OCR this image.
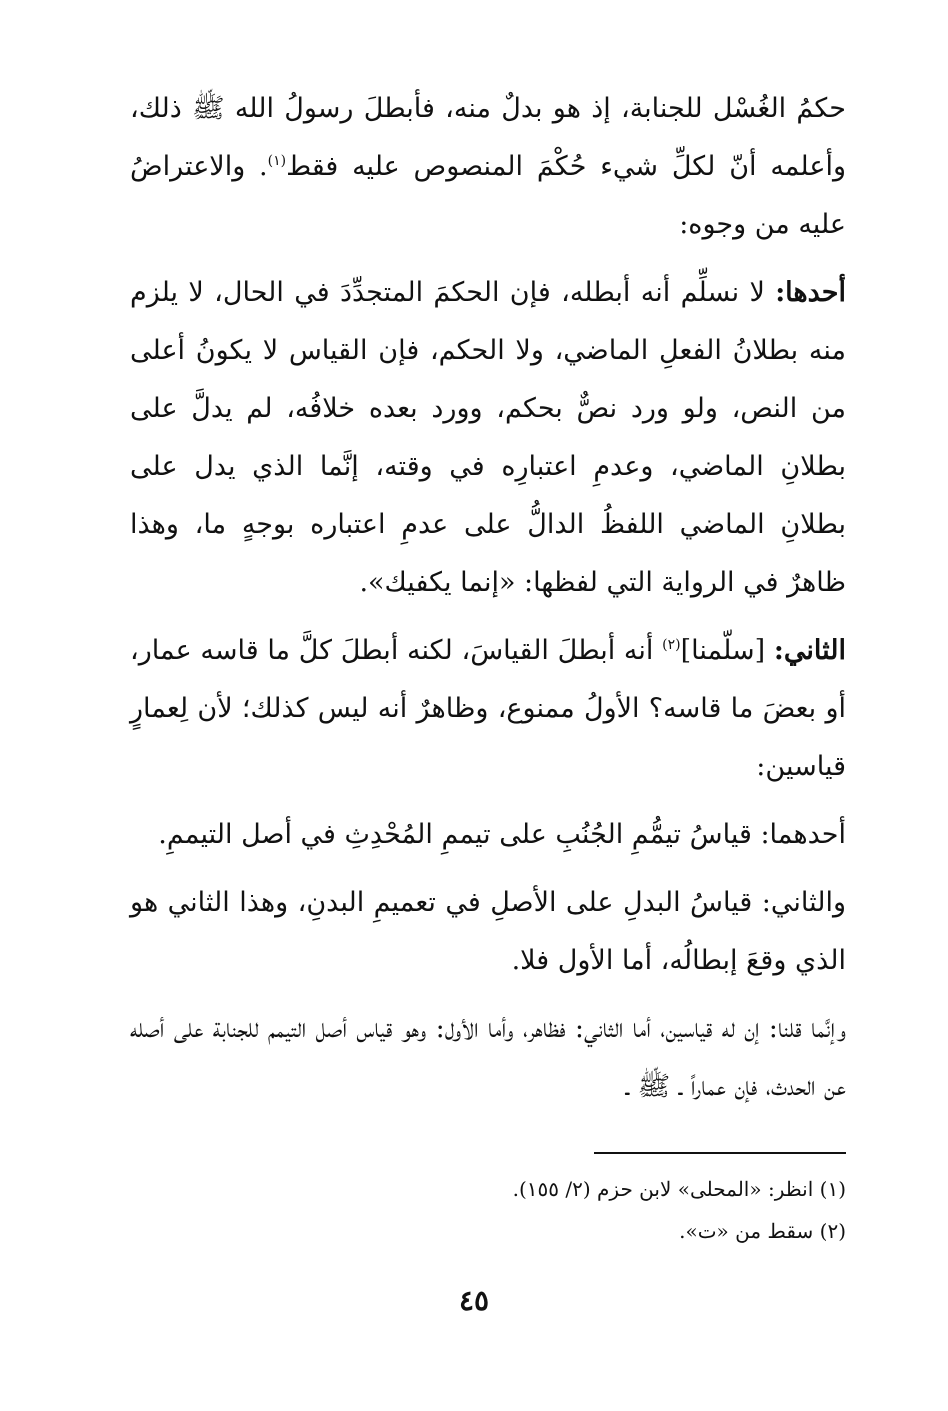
حكمُ الغُسْل للجنابة، إذ هو بدلٌ منه، فأبطلَ رسولُ الله ﷺ ذلك، وأعلمه أنّ لكلِّ شيء حُكْمَ المنصوص عليه فقط$^{(١)}$. والاعتراضُ عليه من وجوه:

أحدها: لا نسلِّم أنه أبطله، فإن الحكمَ المتجدِّدَ في الحال، لا يلزم منه بطلانُ الفعلِ الماضي، ولا الحكم، فإن القياس لا يكونُ أعلى من النص، ولو ورد نصٌّ بحكم، وورد بعده خلافُه، لم يدلَّ على بطلانِ الماضي، وعدمِ اعتبارِه في وقته، إنَّما الذي يدل على بطلانِ الماضي اللفظُ الدالُّ على عدمِ اعتباره بوجهٍ ما، وهذا ظاهرٌ في الرواية التي لفظها: «إنما يكفيك».

الثاني: [سلّمنا]$^{(٢)}$ أنه أبطلَ القياسَ، لكنه أبطلَ كلَّ ما قاسه عمار، أو بعضَ ما قاسه؟ الأولُ ممنوع، وظاهرٌ أنه ليس كذلك؛ لأن لِعمارٍ قياسين:

أحدهما: قياسُ تيمُّمِ الجُنُبِ على تيممِ المُحْدِثِ في أصل التيممِ.

والثاني: قياسُ البدلِ على الأصلِ في تعميمِ البدنِ، وهذا الثاني هو الذي وقعَ إبطالُه، أما الأول فلا.

وإنَّما قلنا: إن له قياسين، أما الثاني: فظاهر، وأما الأول: وهو قياس أصل التيمم للجنابة على أصله عن الحدث، فإن عماراً ـ ﷺ ـ

(١) انظر: «المحلى» لابن حزم (٢/ ١٥٥).

(٢) سقط من «ت».

٤٥
